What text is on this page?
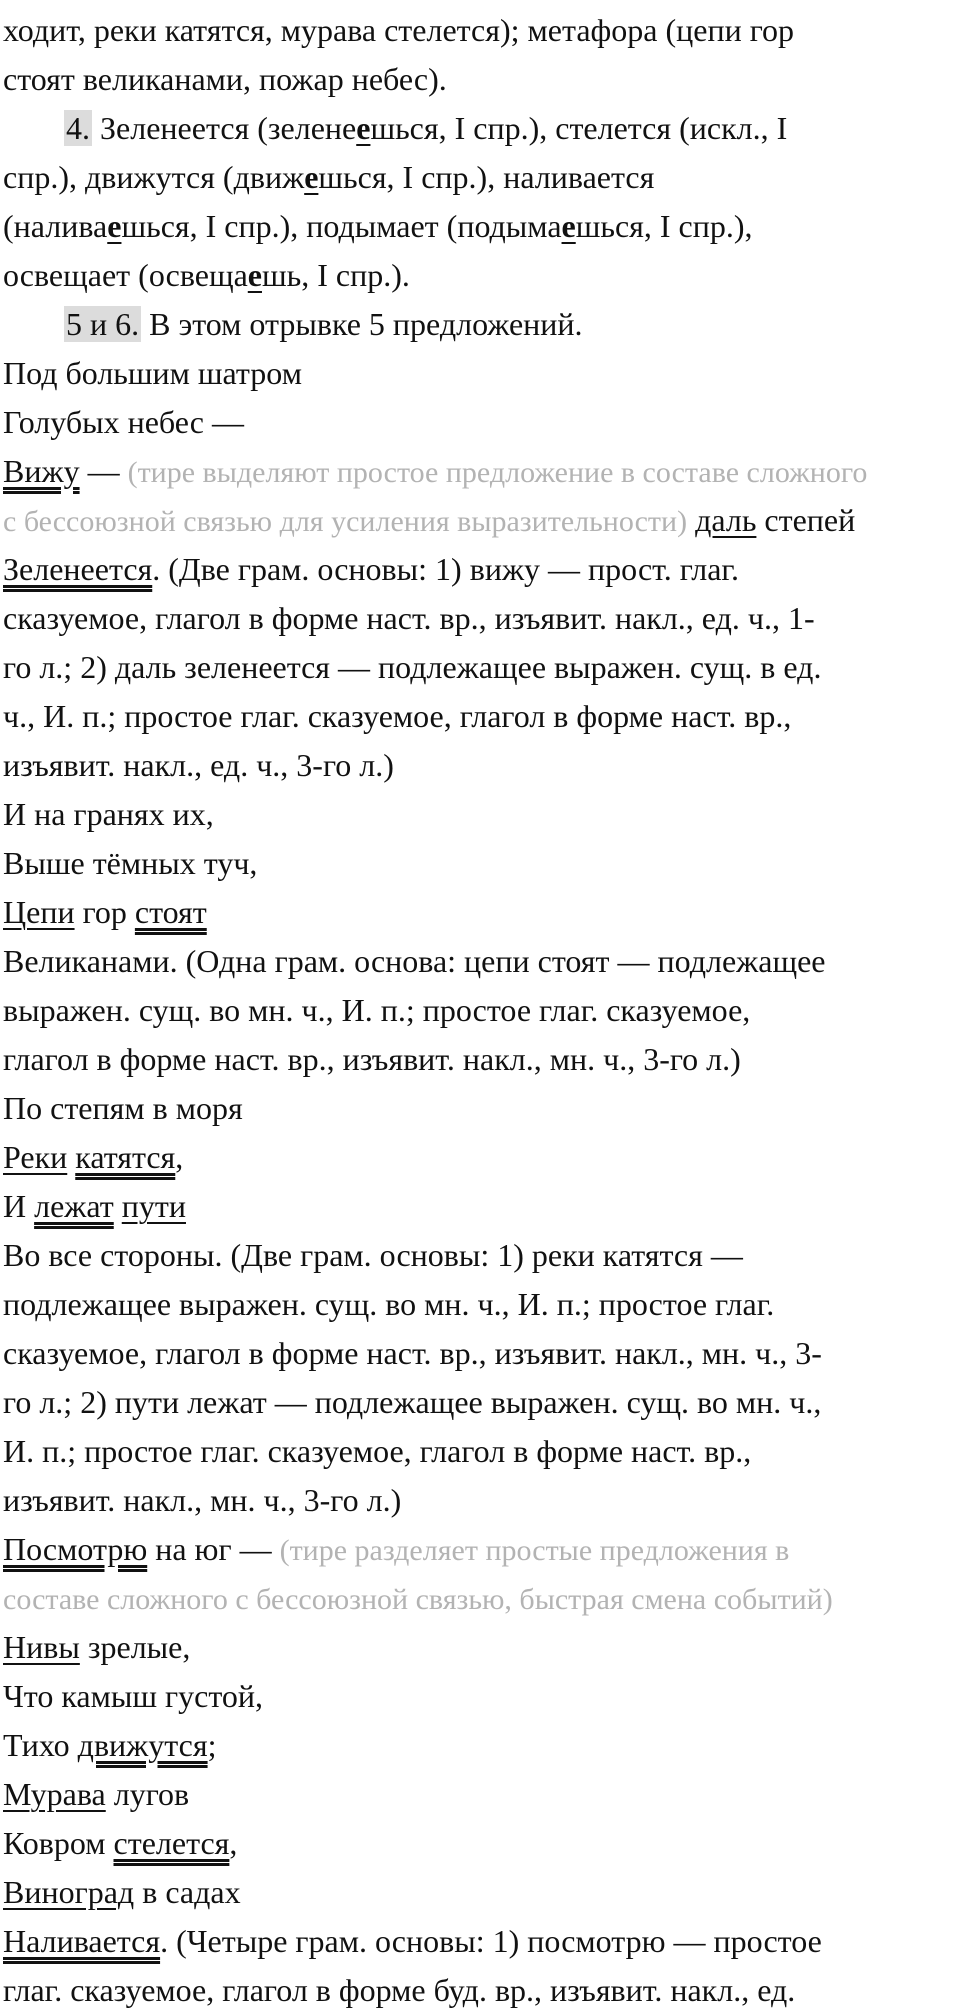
ходит, реки катятся, мурава стелется); метафора (цепи гор
стоят великанами, пожар небес).
4. Зеленеется (зеленеешься, I спр.), стелется (искл., I
спр.), движутся (движешься, I спр.), наливается
(наливаешься, I спр.), подымает (подымаешься, I спр.),
освещает (освещаешь, I спр.).
5 и 6. В этом отрывке 5 предложений.
Под большим шатром
Голубых небес —
Вижу — (тире выделяют простое предложение в составе сложного
с бессоюзной связью для усиления выразительности) даль степей
Зеленеется. (Две грам. основы: 1) вижу — прост. глаг.
сказуемое, глагол в форме наст. вр., изъявит. накл., ед. ч., 1-
го л.; 2) даль зеленеется — подлежащее выражен. сущ. в ед.
ч., И. п.; простое глаг. сказуемое, глагол в форме наст. вр.,
изъявит. накл., ед. ч., 3-го л.)
И на гранях их,
Выше тёмных туч,
Цепи гор стоят
Великанами. (Одна грам. основа: цепи стоят — подлежащее
выражен. сущ. во мн. ч., И. п.; простое глаг. сказуемое,
глагол в форме наст. вр., изъявит. накл., мн. ч., 3-го л.)
По степям в моря
Реки катятся,
И лежат пути
Во все стороны. (Две грам. основы: 1) реки катятся —
подлежащее выражен. сущ. во мн. ч., И. п.; простое глаг.
сказуемое, глагол в форме наст. вр., изъявит. накл., мн. ч., 3-
го л.; 2) пути лежат — подлежащее выражен. сущ. во мн. ч.,
И. п.; простое глаг. сказуемое, глагол в форме наст. вр.,
изъявит. накл., мн. ч., 3-го л.)
Посмотрю на юг — (тире разделяет простые предложения в
составе сложного с бессоюзной связью, быстрая смена событий)
Нивы зрелые,
Что камыш густой,
Тихо движутся;
Мурава лугов
Ковром стелется,
Виноград в садах
Наливается. (Четыре грам. основы: 1) посмотрю — простое
глаг. сказуемое, глагол в форме буд. вр., изъявит. накл., ед.
